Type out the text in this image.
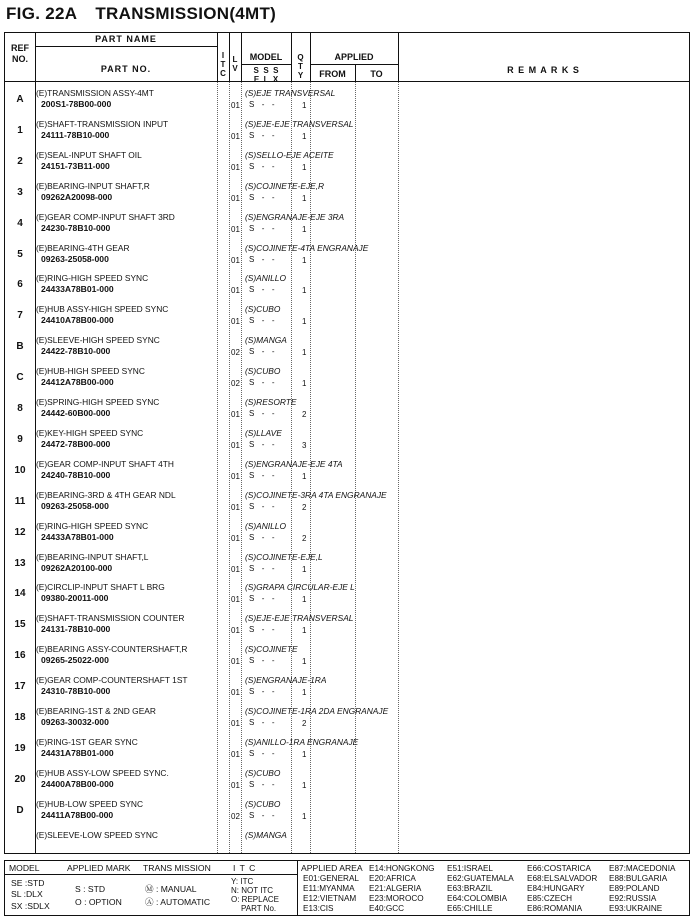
FIG. 22A TRANSMISSION(4MT)
REF
NO.
PART NAME
PART NO.
I
T
C
L
V
MODEL
S  S  S
E  L  X
Q
T
Y
APPLIED
FROM	TO	R E M A R K S
A
(E)TRANSMISSION ASSY-4MT
200S1-78B00-000	01
(S)EJE TRANSVERSAL
S  -  -	1
1
(E)SHAFT-TRANSMISSION INPUT
24111-78B10-000	01
(S)EJE-EJE TRANSVERSAL
S  -  -	1
2
(E)SEAL-INPUT SHAFT OIL
24151-73B11-000	01
(S)SELLO-EJE ACEITE
S  -  -	1
3
(E)BEARING-INPUT SHAFT,R
09262A20098-000	01
(S)COJINETE-EJE,R
S  -  -	1
4
(E)GEAR COMP-INPUT SHAFT 3RD
24230-78B10-000	01
(S)ENGRANAJE-EJE 3RA
S  -  -	1
5
(E)BEARING-4TH GEAR
09263-25058-000	01
(S)COJINETE-4TA ENGRANAJE
S  -  -	1
6
(E)RING-HIGH SPEED SYNC
24433A78B01-000	01
(S)ANILLO
S  -  -	1
7
(E)HUB ASSY-HIGH SPEED SYNC
24410A78B00-000	01
(S)CUBO
S  -  -	1
B
(E)SLEEVE-HIGH SPEED SYNC
24422-78B10-000	02
(S)MANGA
S  -  -	1
C
(E)HUB-HIGH SPEED SYNC
24412A78B00-000	02
(S)CUBO
S  -  -	1
8
(E)SPRING-HIGH SPEED SYNC
24442-60B00-000	01
(S)RESORTE
S  -  -	2
9
(E)KEY-HIGH SPEED SYNC
24472-78B00-000	01
(S)LLAVE
S  -  -	3
10
(E)GEAR COMP-INPUT SHAFT 4TH
24240-78B10-000	01
(S)ENGRANAJE-EJE 4TA
S  -  -	1
11
(E)BEARING-3RD & 4TH GEAR NDL
09263-25058-000	01
(S)COJINETE-3RA 4TA ENGRANAJE
S  -  -	2
12
(E)RING-HIGH SPEED SYNC
24433A78B01-000	01
(S)ANILLO
S  -  -	2
13
(E)BEARING-INPUT SHAFT,L
09262A20100-000	01
(S)COJINETE-EJE,L
S  -  -	1
14
(E)CIRCLIP-INPUT SHAFT L BRG
09380-20011-000	01
(S)GRAPA CIRCULAR-EJE L
S  -  -	1
15
(E)SHAFT-TRANSMISSION COUNTER
24131-78B10-000	01
(S)EJE-EJE TRANSVERSAL
S  -  -	1
16
(E)BEARING ASSY-COUNTERSHAFT,R
09265-25022-000	01
(S)COJINETE
S  -  -	1
17
(E)GEAR COMP-COUNTERSHAFT 1ST
24310-78B10-000	01
(S)ENGRANAJE-1RA
S  -  -	1
18
(E)BEARING-1ST & 2ND GEAR
09263-30032-000	01
(S)COJINETE-1RA 2DA ENGRANAJE
S  -  -	2
19
(E)RING-1ST GEAR SYNC
24431A78B01-000	01
(S)ANILLO-1RA ENGRANAJE
S  -  -	1
20
(E)HUB ASSY-LOW SPEED SYNC.
24400A78B00-000	01
(S)CUBO
S  -  -	1
D
(E)HUB-LOW SPEED SYNC
24411A78B00-000	02
(S)CUBO
S  -  -	1
(E)SLEEVE-LOW SPEED SYNC	(S)MANGA
MODEL	APPLIED MARK TRANS MISSION	I T C	APPLIED AREA
SE :STD
SL :DLX
SX :SDLX
S : STD
O : OPTION
Ⓜ : MANUAL
Ⓐ : AUTOMATIC
Y: ITC
N: NOT ITC
O: REPLACE
PART No.
E01:GENERAL
E11:MYANMA
E12:VIETNAM
E13:CIS
E14:HONGKONG
E20:AFRICA
E21:ALGERIA
E23:MOROCO
E40:GCC
E51:ISRAEL
E62:GUATEMALA
E63:BRAZIL
E64:COLOMBIA
E65:CHILLE
E66:COSTARICA
E68:ELSALVADOR
E84:HUNGARY
E85:CZECH
E86:ROMANIA
E87:MACEDONIA
E88:BULGARIA
E89:POLAND
E92:RUSSIA
E93:UKRAINE
